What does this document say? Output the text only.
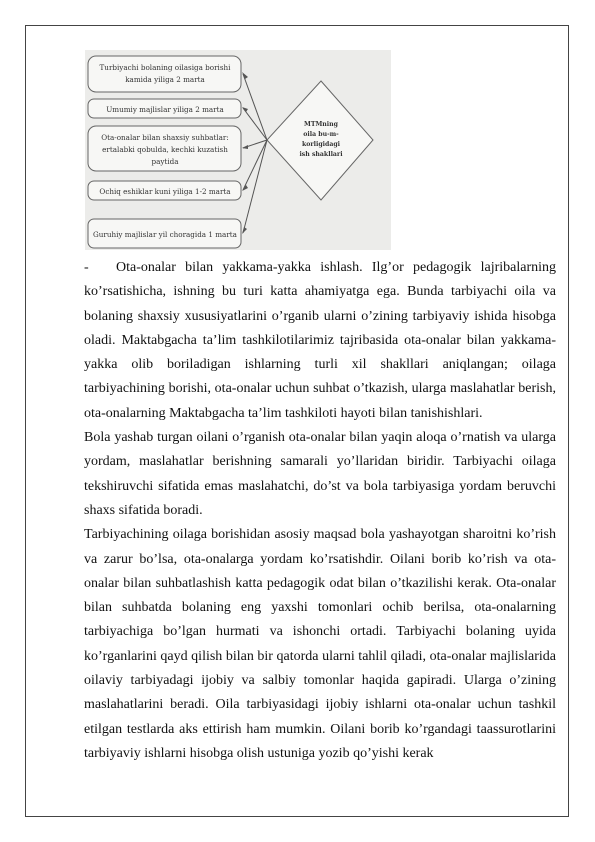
Turbiyachi bolaning oilasiga borishi
kamida yiliga 2 marta
Umumiy majlislar yiliga 2 marta
Ota-onalar bilan shaxsiy suhbatlar:
ertalabki qobulda, kechki kuzatish
paytida
Ochiq eshiklar kuni yiliga 1-2 marta
Guruhiy majlislar yil choragida 1 marta
MTMning
oila bu-m-
korligidagi
ish shakllari

- Ota-onalar bilan yakkama-yakka ishlash. Ilg’or pedagogik lajribalarning ko’rsatishicha, ishning bu turi katta ahamiyatga ega. Bunda tarbiyachi oila va bolaning shaxsiy xususiyatlarini o’rganib ularni o’zining tarbiyaviy ishida hisobga oladi. Maktabgacha ta’lim tashkilotilarimiz tajribasida ota-onalar bilan yakkama-yakka olib boriladigan ishlarning turli xil shakllari aniqlangan; oilaga tarbiyachining borishi, ota-onalar uchun suhbat o’tkazish, ularga maslahatlar berish, ota-onalarning Maktabgacha ta’lim tashkiloti hayoti bilan tanishishlari.

Bola yashab turgan oilani o’rganish ota-onalar bilan yaqin aloqa o’rnatish va ularga yordam, maslahatlar berishning samarali yo’llaridan biridir. Tarbiyachi oilaga tekshiruvchi sifatida emas maslahatchi, do’st va bola tarbiyasiga yordam beruvchi shaxs sifatida boradi.

Tarbiyachining oilaga borishidan asosiy maqsad bola yashayotgan sharoitni ko’rish va zarur bo’lsa, ota-onalarga yordam ko’rsatishdir. Oilani borib ko’rish va ota-onalar bilan suhbatlashish katta pedagogik odat bilan o’tkazilishi kerak. Ota-onalar bilan suhbatda bolaning eng yaxshi tomonlari ochib berilsa, ota-onalarning tarbiyachiga bo’lgan hurmati va ishonchi ortadi. Tarbiyachi bolaning uyida ko’rganlarini qayd qilish bilan bir qatorda ularni tahlil qiladi, ota-onalar majlislarida oilaviy tarbiyadagi ijobiy va salbiy tomonlar haqida gapiradi. Ularga o’zining maslahatlarini beradi. Oila tarbiyasidagi ijobiy ishlarni ota-onalar uchun tashkil etilgan testlarda aks ettirish ham mumkin. Oilani borib ko’rgandagi taassurotlarini tarbiyaviy ishlarni hisobga olish ustuniga yozib qo’yishi kerak
